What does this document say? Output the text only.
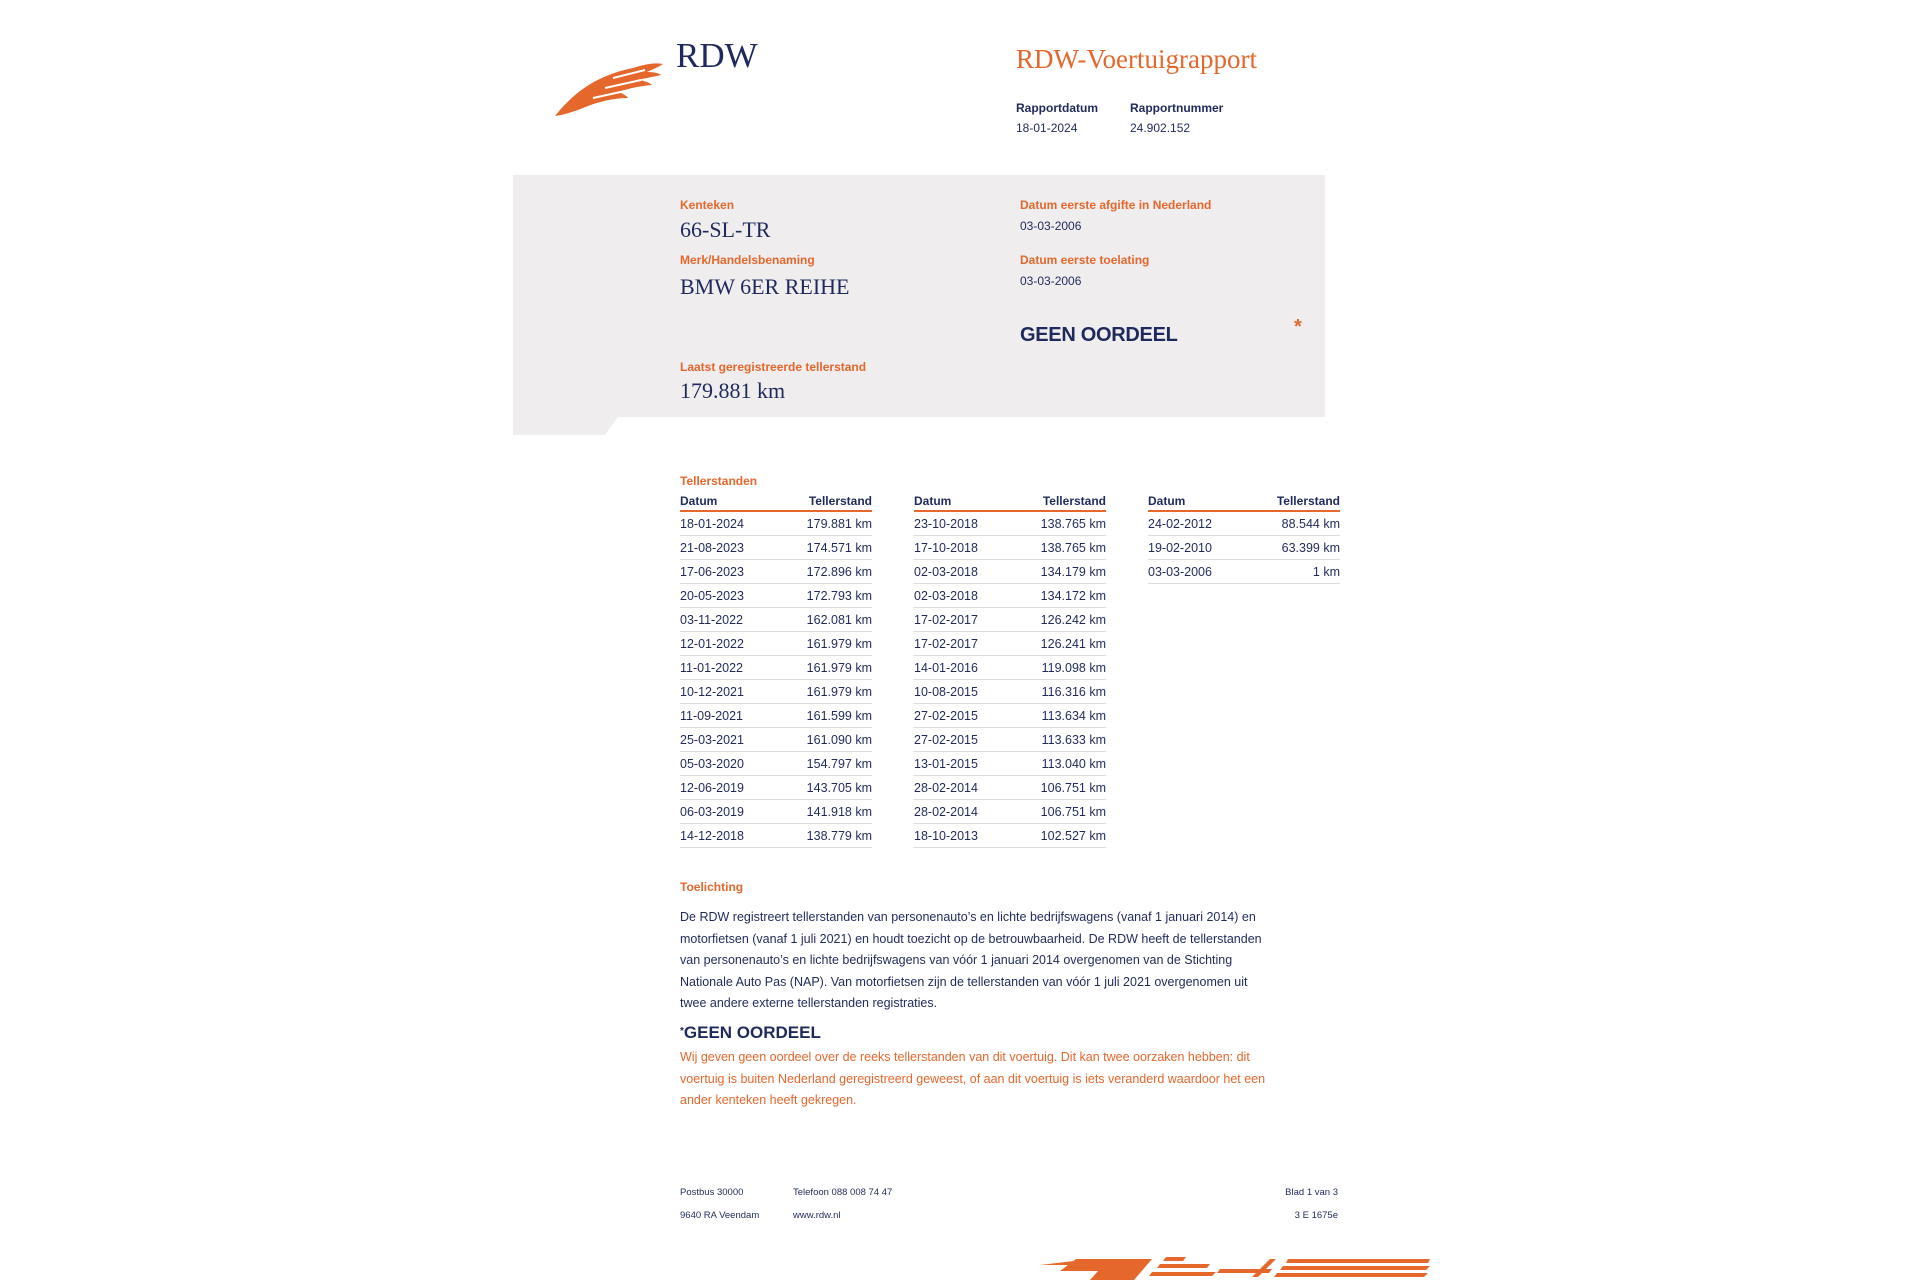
RDW	RDW-Voertuigrapport
Rapportdatum
18-01-2024
Rapportnummer
24.902.152
Kenteken
66-SL-TR
Merk/Handelsbenaming
BMW 6ER REIHE
Datum eerste afgifte in Nederland
03-03-2006
Datum eerste toelating
03-03-2006
GEEN OORDEEL	*
Laatst geregistreerde tellerstand
179.881 km
Tellerstanden
Datum	Tellerstand
18-01-2024	179.881 km
21-08-2023	174.571 km
17-06-2023	172.896 km
20-05-2023	172.793 km
03-11-2022	162.081 km
12-01-2022	161.979 km
11-01-2022	161.979 km
10-12-2021	161.979 km
11-09-2021	161.599 km
25-03-2021	161.090 km
05-03-2020	154.797 km
12-06-2019	143.705 km
06-03-2019	141.918 km
14-12-2018	138.779 km
Datum	Tellerstand
23-10-2018	138.765 km
17-10-2018	138.765 km
02-03-2018	134.179 km
02-03-2018	134.172 km
17-02-2017	126.242 km
17-02-2017	126.241 km
14-01-2016	119.098 km
10-08-2015	116.316 km
27-02-2015	113.634 km
27-02-2015	113.633 km
13-01-2015	113.040 km
28-02-2014	106.751 km
28-02-2014	106.751 km
18-10-2013	102.527 km
Datum	Tellerstand
24-02-2012	88.544 km
19-02-2010	63.399 km
03-03-2006	1 km
Toelichting
De RDW registreert tellerstanden van personenauto’s en lichte bedrijfswagens (vanaf 1 januari 2014) en
motorfietsen (vanaf 1 juli 2021) en houdt toezicht op de betrouwbaarheid. De RDW heeft de tellerstanden
van personenauto’s en lichte bedrijfswagens van vóór 1 januari 2014 overgenomen van de Stichting
Nationale Auto Pas (NAP). Van motorfietsen zijn de tellerstanden van vóór 1 juli 2021 overgenomen uit
twee andere externe tellerstanden registraties.
*GEEN OORDEEL
Wij geven geen oordeel over de reeks tellerstanden van dit voertuig. Dit kan twee oorzaken hebben: dit
voertuig is buiten Nederland geregistreerd geweest, of aan dit voertuig is iets veranderd waardoor het een
ander kenteken heeft gekregen.
Postbus 30000
9640 RA Veendam
Telefoon 088 008 74 47
www.rdw.nl
Blad 1 van 3
3 E 1675e
